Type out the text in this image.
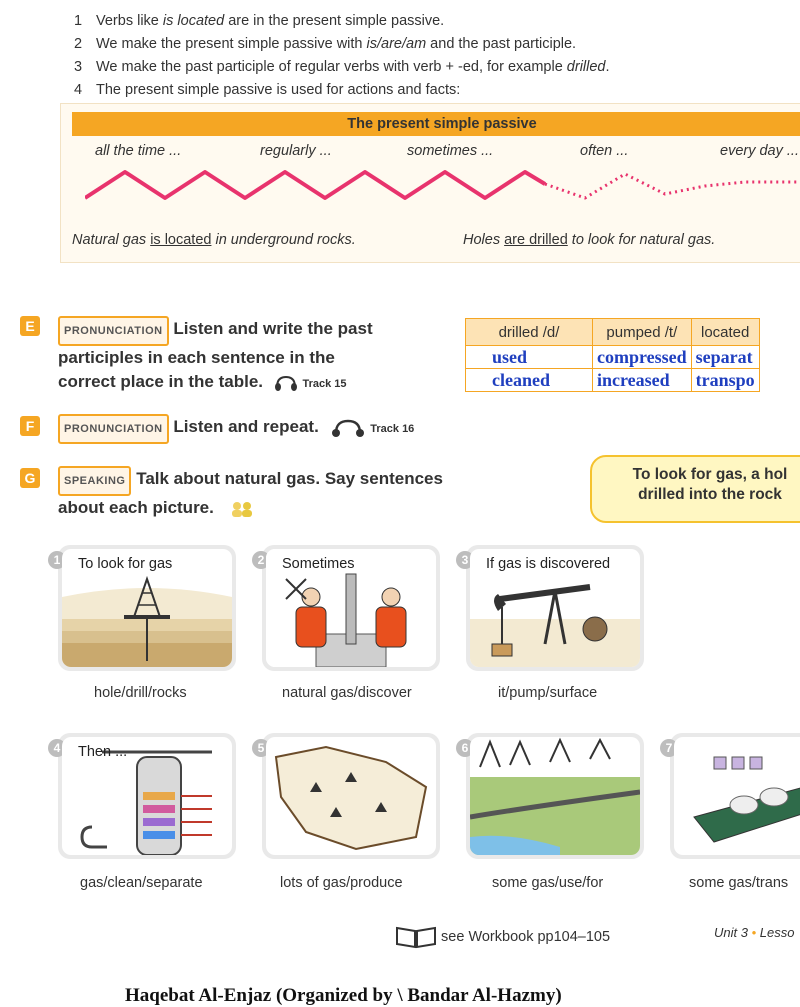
1 Verbs like is located are in the present simple passive.
2 We make the present simple passive with is/are/am and the past participle.
3 We make the past participle of regular verbs with verb + -ed, for example drilled.
4 The present simple passive is used for actions and facts:
The present simple passive
all the time ...	regularly ...	sometimes ...	often ...	every day ...
Natural gas is located in underground rocks.	Holes are drilled to look for natural gas.
E	PRONUNCIATION Listen and write the past
participles in each sentence in the
correct place in the table.	Track 15
drilled /d/	pumped /t/	located
used	compressed	separat
cleaned	increased	transpo
F	PRONUNCIATION Listen and repeat.	Track 16
G	SPEAKING Talk about natural gas. Say sentences
about each picture.
To look for gas, a hol
drilled into the rock
1	To look for gas
hole/drill/rocks
2	Sometimes
natural gas/discover
3	If gas is discovered
it/pump/surface
4	Then ...
gas/clean/separate
5
lots of gas/produce
6
some gas/use/for
7
some gas/trans
see Workbook pp104–105	Unit 3 • Lesso
Haqebat Al-Enjaz (Organized by \ Bandar Al-Hazmy)
